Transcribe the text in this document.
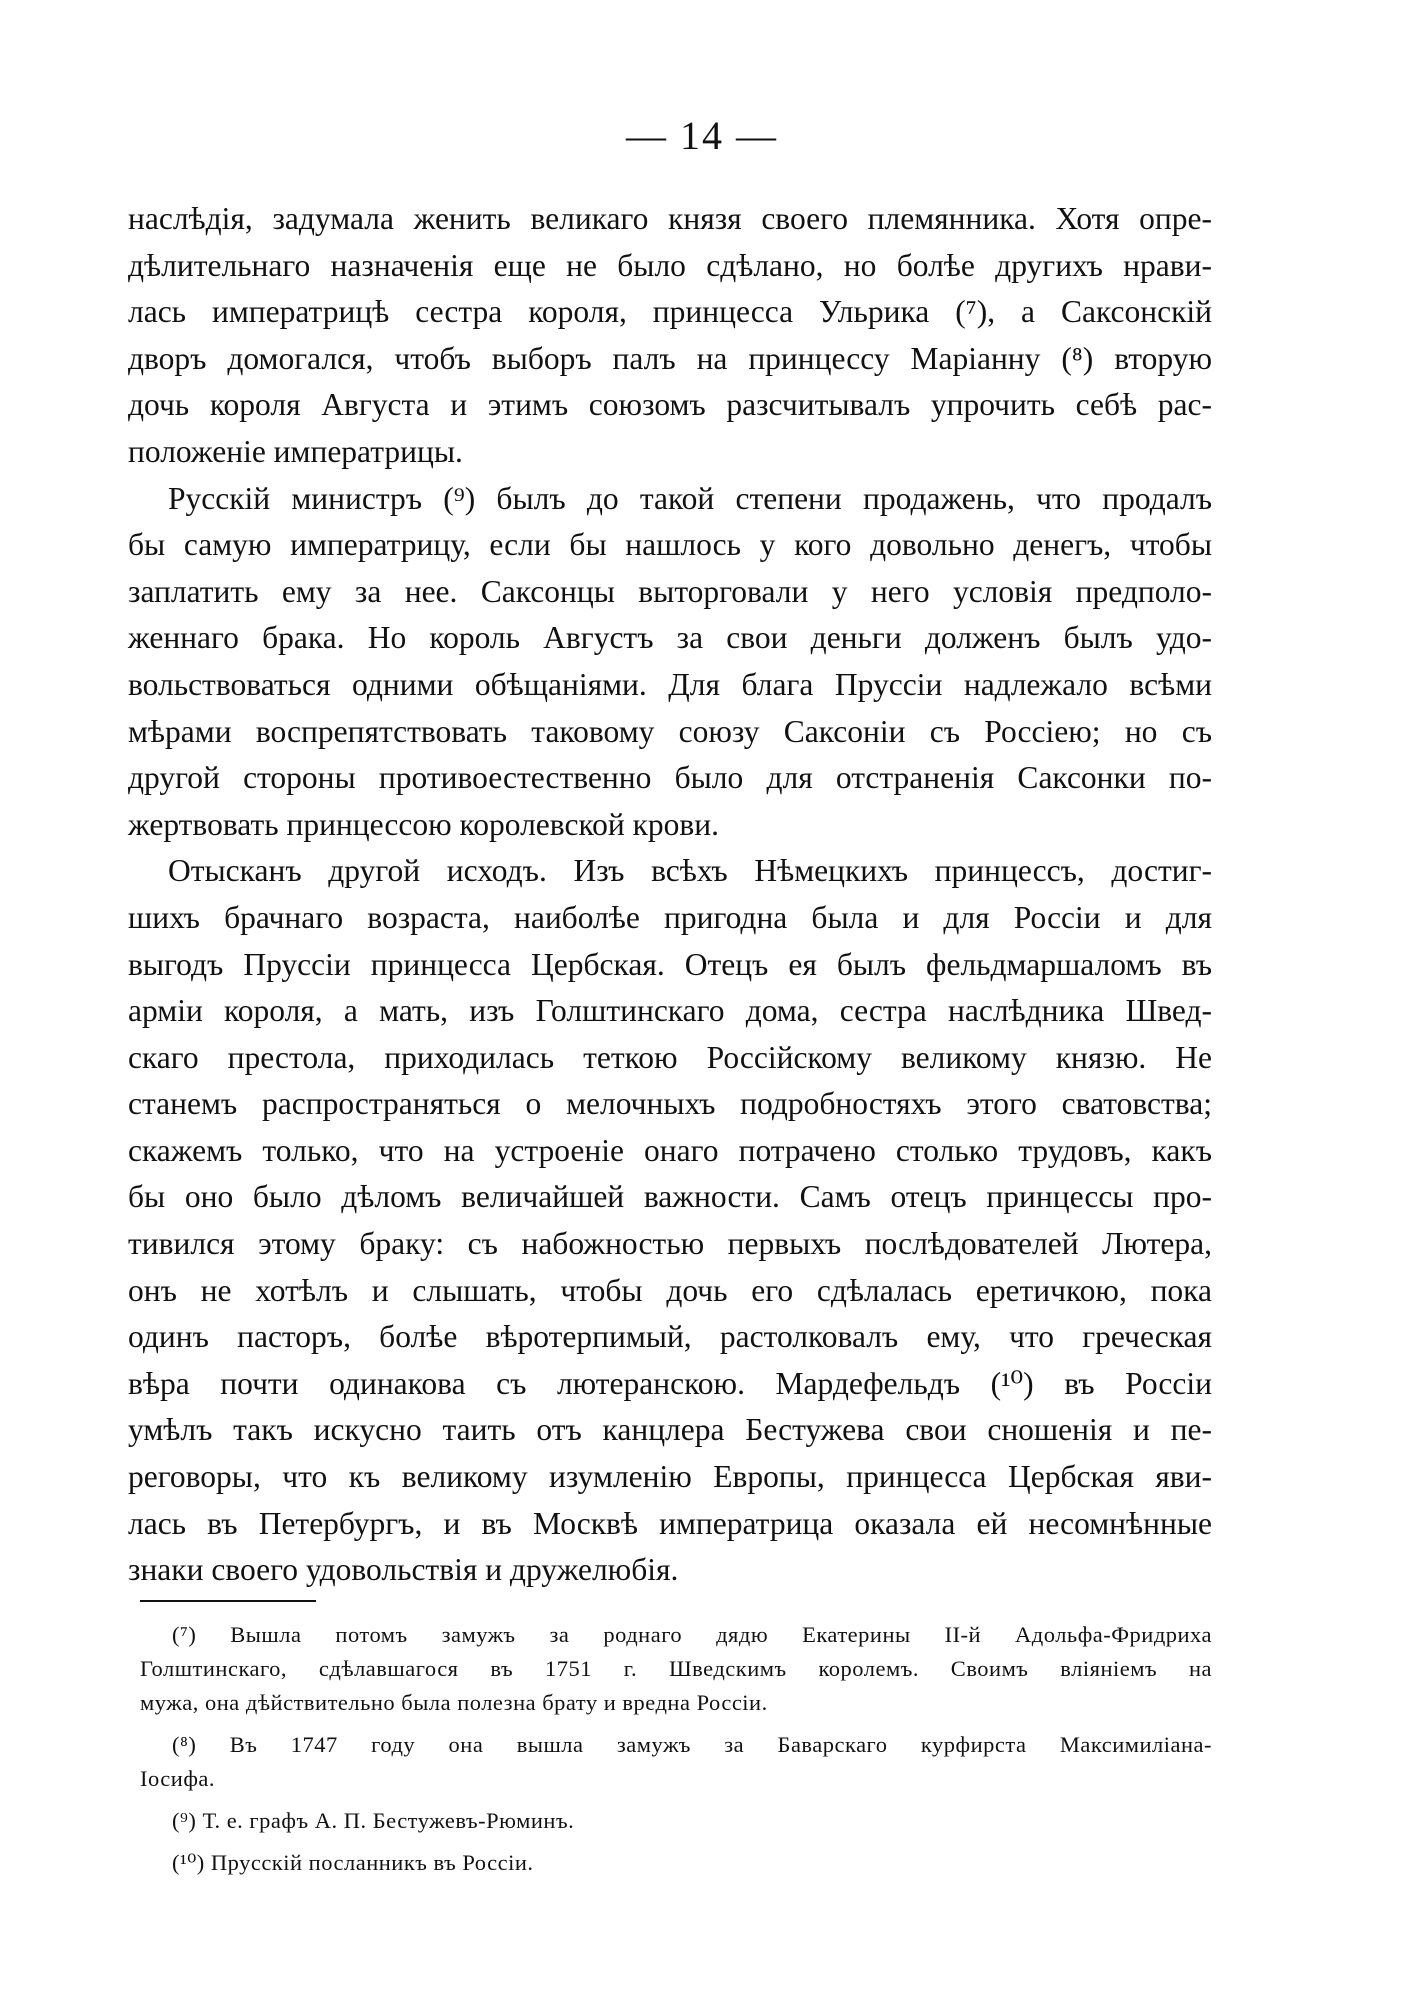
— 14 —
наслѣдія, задумала женить великаго князя своего племянника. Хотя опре-
дѣлительнаго назначенія еще не было сдѣлано, но болѣе другихъ нрави-
лась императрицѣ сестра короля, принцесса Ульрика (⁷), а Саксонскій
дворъ домогался, чтобъ выборъ палъ на принцессу Маріанну (⁸) вторую
дочь короля Августа и этимъ союзомъ разсчитывалъ упрочить себѣ рас-
положеніе императрицы.
Русскій министръ (⁹) былъ до такой степени продажень, что продалъ
бы самую императрицу, если бы нашлось у кого довольно денегъ, чтобы
заплатить ему за нее. Саксонцы выторговали у него условія предполо-
женнаго брака. Но король Августъ за свои деньги долженъ былъ удо-
вольствоваться одними обѣщаніями. Для блага Пруссіи надлежало всѣми
мѣрами воспрепятствовать таковому союзу Саксоніи съ Россіею; но съ
другой стороны противоестественно было для отстраненія Саксонки по-
жертвовать принцессою королевской крови.
Отысканъ другой исходъ. Изъ всѣхъ Нѣмецкихъ принцессъ, достиг-
шихъ брачнаго возраста, наиболѣе пригодна была и для Россіи и для
выгодъ Пруссіи принцесса Цербская. Отецъ ея былъ фельдмаршаломъ въ
арміи короля, а мать, изъ Голштинскаго дома, сестра наслѣдника Швед-
скаго престола, приходилась теткою Россійскому великому князю. Не
станемъ распространяться о мелочныхъ подробностяхъ этого сватовства;
скажемъ только, что на устроеніе онаго потрачено столько трудовъ, какъ
бы оно было дѣломъ величайшей важности. Самъ отецъ принцессы про-
тивился этому браку: съ набожностью первыхъ послѣдователей Лютера,
онъ не хотѣлъ и слышать, чтобы дочь его сдѣлалась еретичкою, пока
одинъ пасторъ, болѣе вѣротерпимый, растолковалъ ему, что греческая
вѣра почти одинакова съ лютеранскою. Мардефельдъ (¹⁰) въ Россіи
умѣлъ такъ искусно таить отъ канцлера Бестужева свои сношенія и пе-
реговоры, что къ великому изумленію Европы, принцесса Цербская яви-
лась въ Петербургъ, и въ Москвѣ императрица оказала ей несомнѣнные
знаки своего удовольствія и дружелюбія.
(⁷) Вышла потомъ замужъ за роднаго дядю Екатерины II-й Адольфа-Фридриха
Голштинскаго, сдѣлавшагося въ 1751 г. Шведскимъ королемъ. Своимъ вліяніемъ на
мужа, она дѣйствительно была полезна брату и вредна Россіи.
(⁸) Въ 1747 году она вышла замужъ за Баварскаго курфирста Максимиліана-
Іосифа.
(⁹) Т. е. графъ А. П. Бестужевъ-Рюминъ.
(¹⁰) Прусскій посланникъ въ Россіи.
